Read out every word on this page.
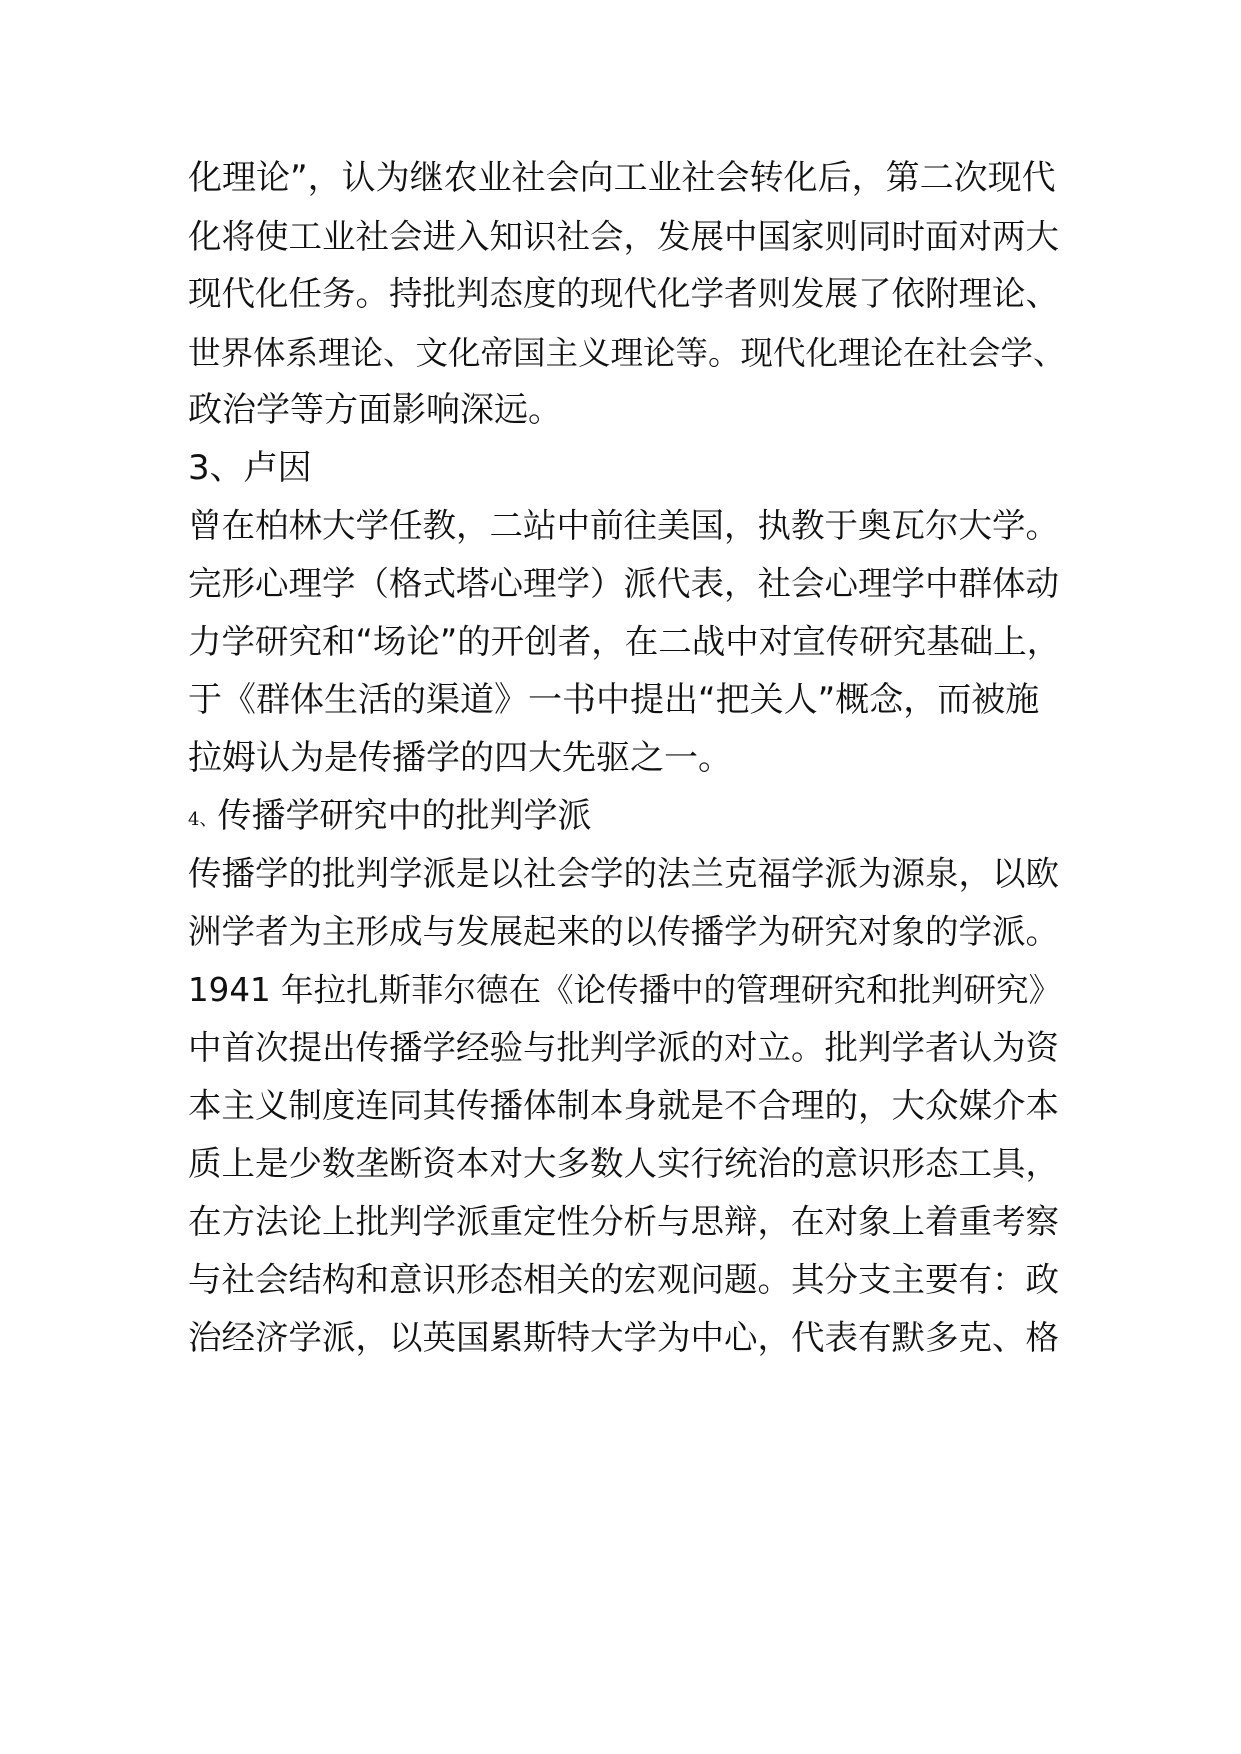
化理论”，认为继农业社会向工业社会转化后，第二次现代
化将使工业社会进入知识社会，发展中国家则同时面对两大
现代化任务。持批判态度的现代化学者则发展了依附理论、
世界体系理论、文化帝国主义理论等。现代化理论在社会学、
政治学等方面影响深远。
3、卢因
曾在柏林大学任教，二站中前往美国，执教于奥瓦尔大学。
完形心理学（格式塔心理学）派代表，社会心理学中群体动
力学研究和“场论”的开创者，在二战中对宣传研究基础上，
于《群体生活的渠道》一书中提出“把关人”概念，而被施
拉姆认为是传播学的四大先驱之一。
4、传播学研究中的批判学派
传播学的批判学派是以社会学的法兰克福学派为源泉，以欧
洲学者为主形成与发展起来的以传播学为研究对象的学派。
1941 年拉扎斯菲尔德在《论传播中的管理研究和批判研究》
中首次提出传播学经验与批判学派的对立。批判学者认为资
本主义制度连同其传播体制本身就是不合理的，大众媒介本
质上是少数垄断资本对大多数人实行统治的意识形态工具，
在方法论上批判学派重定性分析与思辩，在对象上着重考察
与社会结构和意识形态相关的宏观问题。其分支主要有：政
治经济学派，以英国累斯特大学为中心，代表有默多克、格
